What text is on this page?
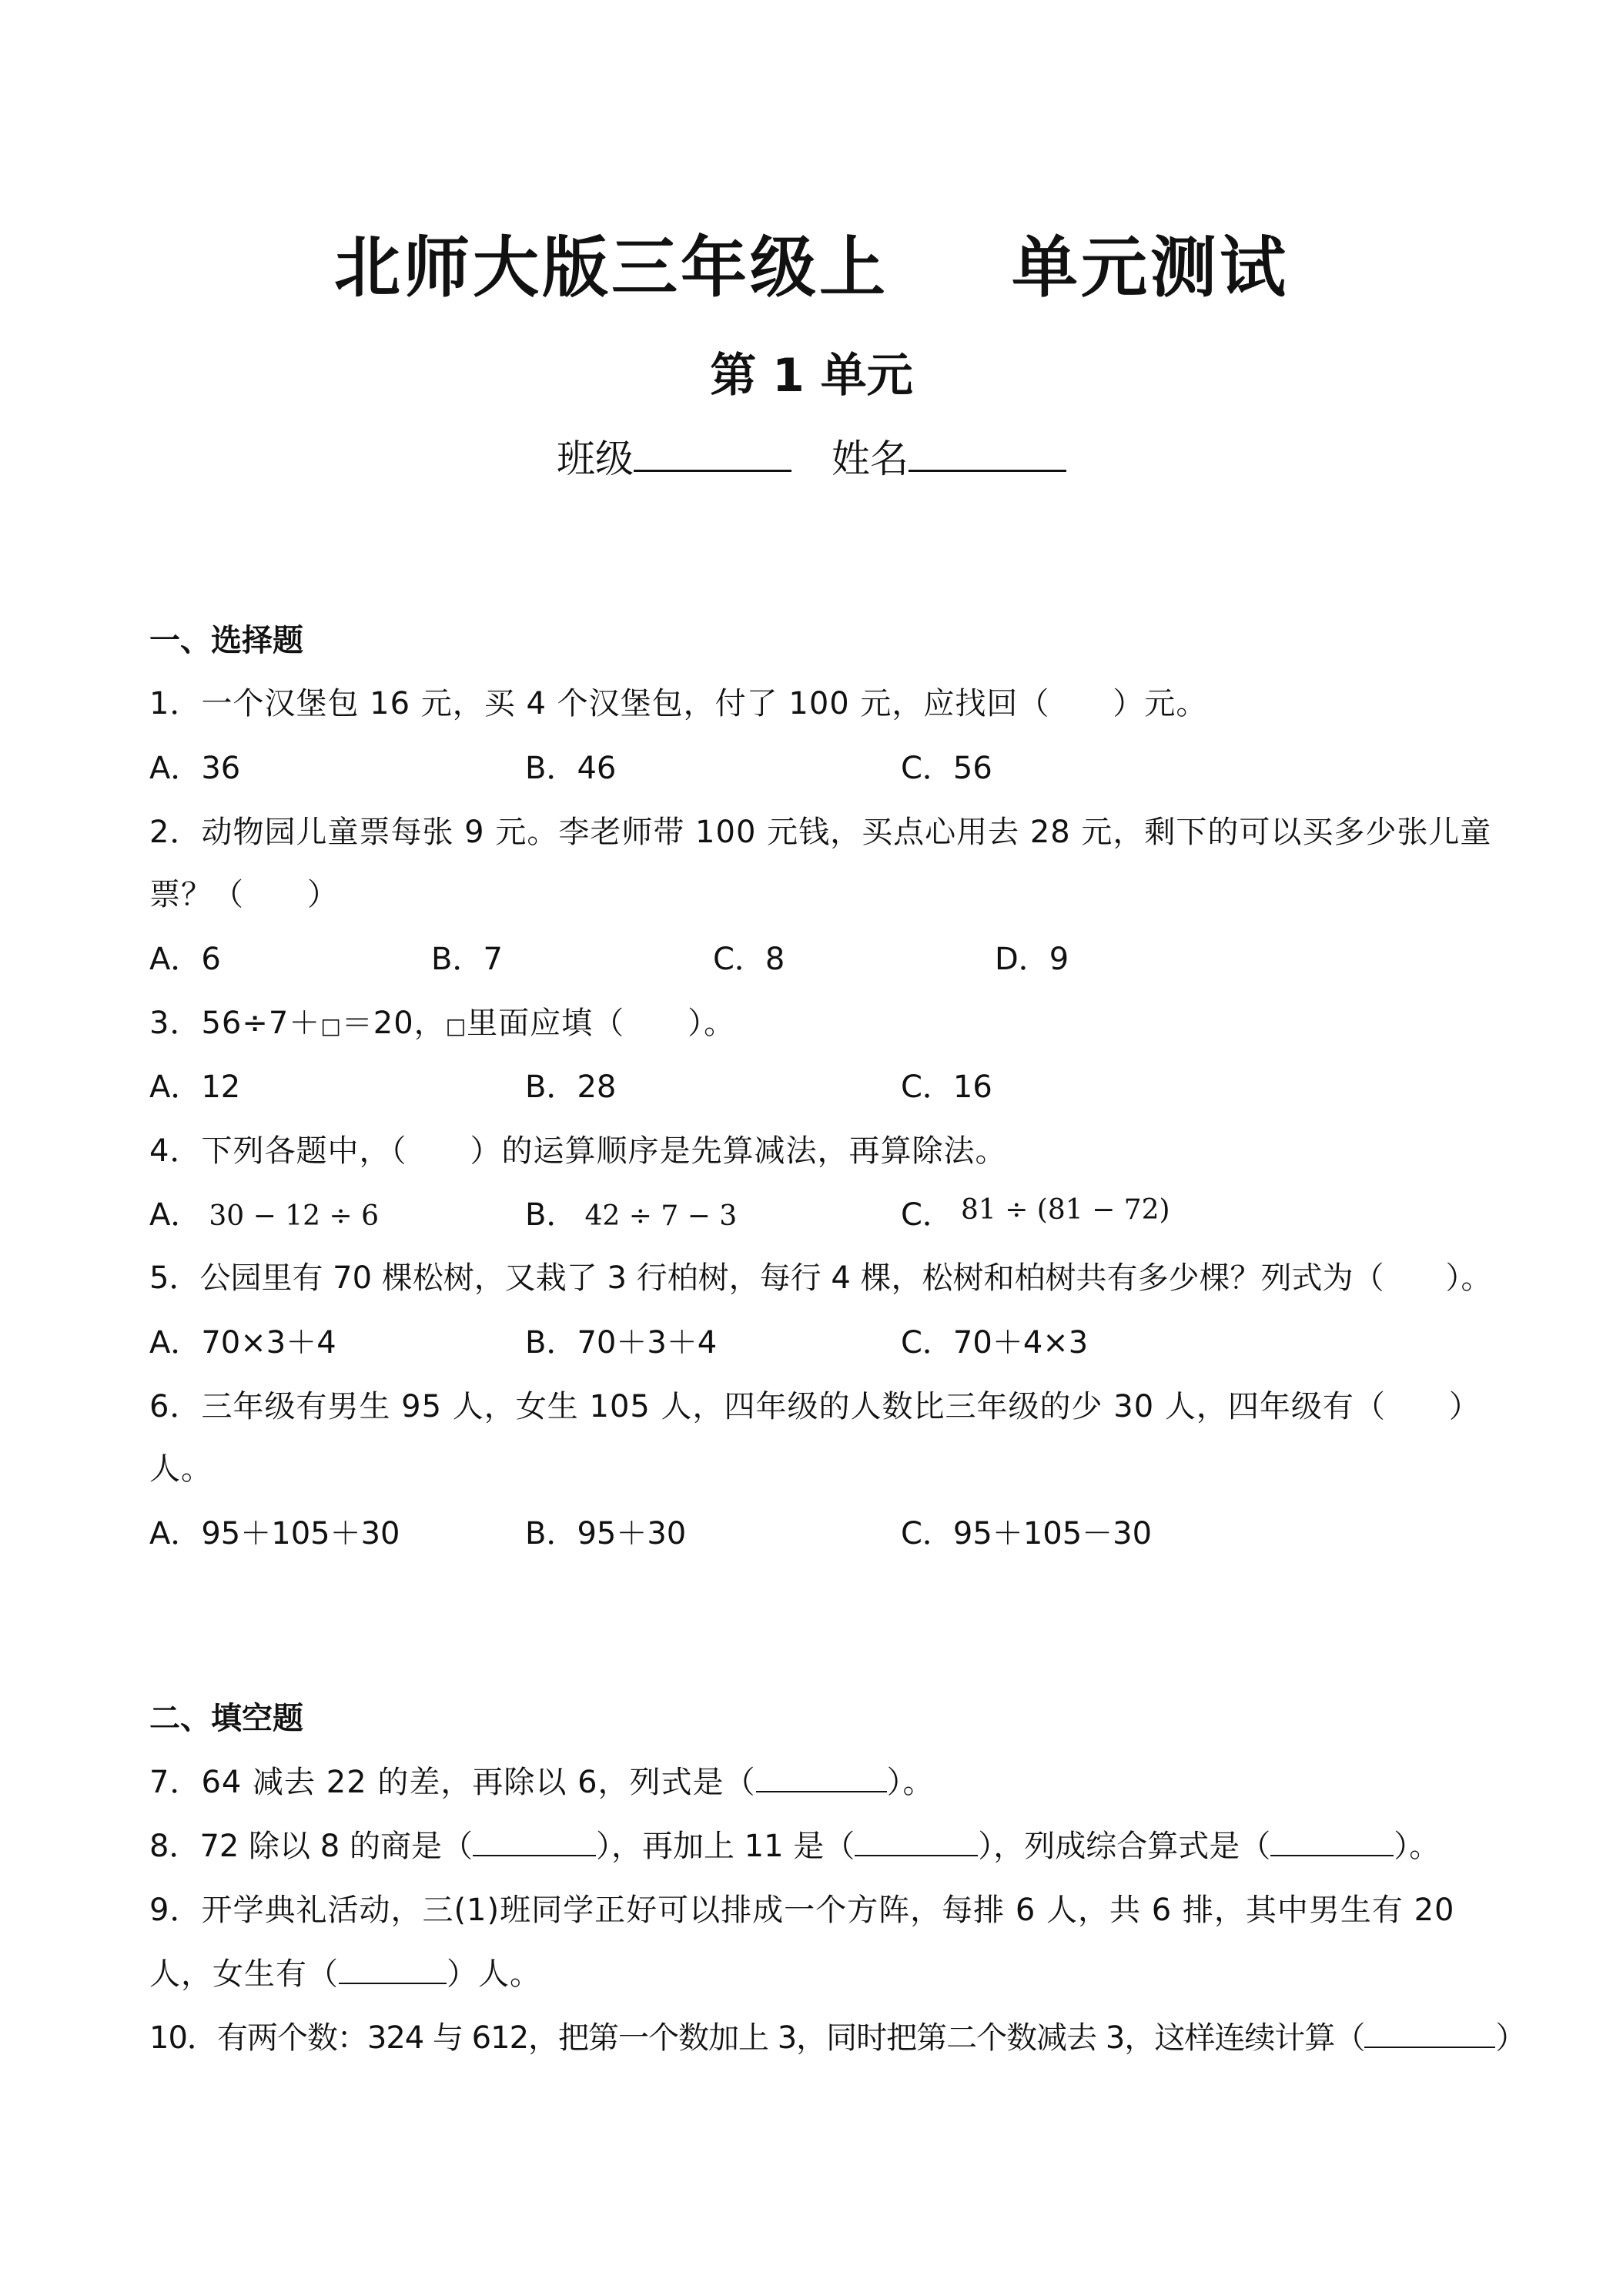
北师大版三年级上 单元测试
第 1 单元
班级	姓名
一、选择题
1．一个汉堡包 16 元，买 4 个汉堡包，付了 100 元，应找回（　　）元。
A．36	B．46	C．56
2．动物园儿童票每张 9 元。李老师带 100 元钱，买点心用去 28 元，剩下的可以买多少张儿童
票？（　　）
A．6	B．7	C．8	D．9
3．56÷7＋□＝20，□里面应填（　　）。
A．12	B．28	C．16
4．下列各题中，（　　）的运算顺序是先算减法，再算除法。
A． 30 − 12 ÷ 6	B． 42 ÷ 7 − 3	C． 81 ÷ (81 − 72)
5．公园里有 70 棵松树，又栽了 3 行柏树，每行 4 棵，松树和柏树共有多少棵？列式为（　　）。
A．70×3＋4	B．70＋3＋4	C．70＋4×3
6．三年级有男生 95 人，女生 105 人，四年级的人数比三年级的少 30 人，四年级有（　　）
人。
A．95＋105＋30	B．95＋30	C．95＋105－30
二、填空题
7．64 减去 22 的差，再除以 6，列式是（	）。
8．72 除以 8 的商是（	），再加上 11 是（	），列成综合算式是（	）。
9．开学典礼活动，三(1)班同学正好可以排成一个方阵，每排 6 人，共 6 排，其中男生有 20
人，女生有（	）人。
10．有两个数：324 与 612，把第一个数加上 3，同时把第二个数减去 3，这样连续计算（	）
